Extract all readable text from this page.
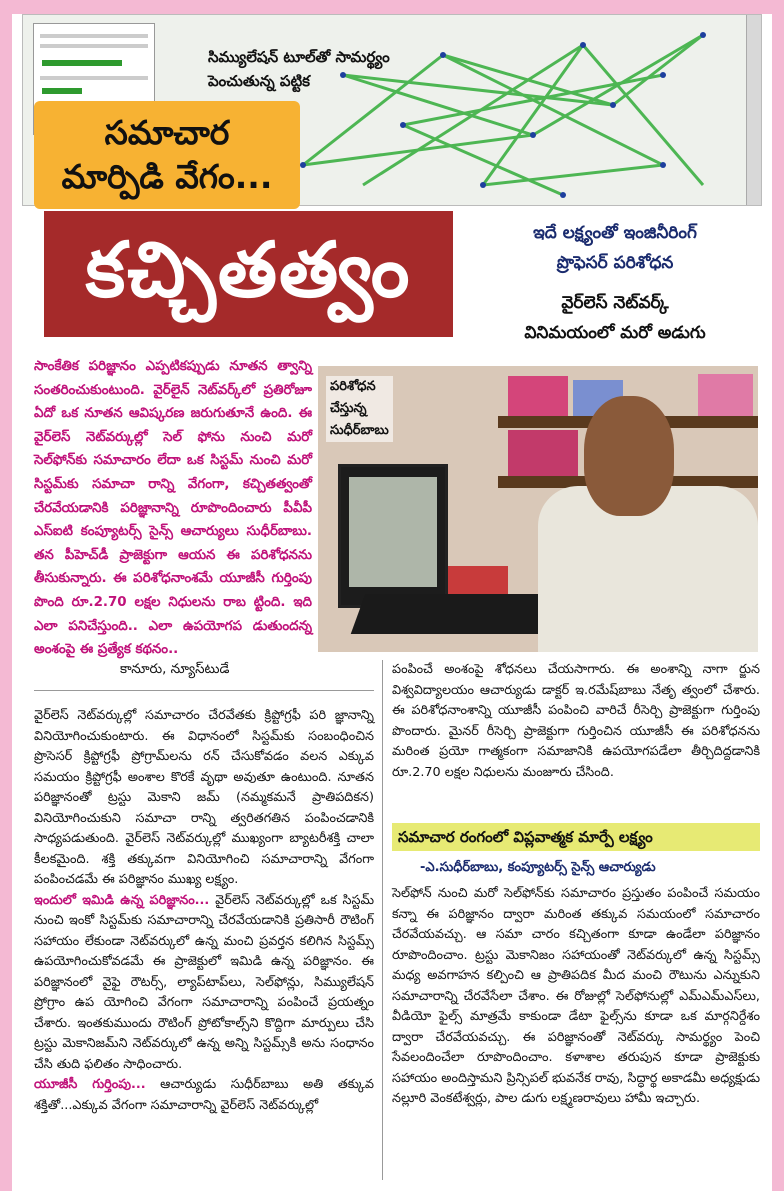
సిమ్యులేషన్ టూల్‌తో సామర్థ్యం
పెంచుతున్న పట్టిక
సమాచార
మార్పిడి వేగం...
కచ్చితత్వం	ఇదే లక్ష్యంతో ఇంజినీరింగ్
ప్రొఫెసర్ పరిశోధన
వైర్‌లెస్ నెట్‌వర్క్
వినిమయంలో మరో అడుగు
సాంకేతిక పరిజ్ఞానం ఎప్పటికప్పుడు నూతన త్వాన్ని సంతరించుకుంటుంది. వైర్‌లైన్ నెట్‌వర్క్‌లో ప్రతిరోజూ ఏదో ఒక నూతన ఆవిష్కరణ జరుగుతూనే ఉంది. ఈ వైర్‌లెస్ నెట్‌వర్కుల్లో సెల్ ఫోను నుంచి మరో సెల్‌ఫోన్‌కు సమాచారం లేదా ఒక సిస్టమ్ నుంచి మరో సిస్టమ్‌కు సమాచా రాన్ని వేగంగా, కచ్చితత్వంతో చేరవేయడానికి పరిజ్ఞానాన్ని రూపొందించారు పీవీపీ ఎస్ఐటి కంప్యూటర్స్ సైన్స్ ఆచార్యులు సుధీర్‌బాబు. తన పీహెచ్‌డీ ప్రాజెక్టుగా ఆయన ఈ పరిశోధనను తీసుకున్నారు. ఈ పరిశోధనాంశమే యూజీసీ గుర్తింపు పొంది రూ.2.70 లక్షల నిధులను రాబ ట్టింది. ఇది ఎలా పనిచేస్తుంది.. ఎలా ఉపయోగప డుతుందన్న అంశంపై ఈ ప్రత్యేక కథనం..
కానూరు, న్యూస్‌టుడే
పరిశోధన
చేస్తున్న
సుధీర్‌బాబు

వైర్‌లెస్ నెట్‌వర్కుల్లో సమాచారం చేరవేతకు క్రిప్టోగ్రఫీ పరి జ్ఞానాన్ని వినియోగించుకుంటారు. ఈ విధానంలో సిస్టమ్‌కు సంబంధించిన ప్రొసెసర్ క్రిప్టోగ్రఫీ ప్రోగ్రామ్‌లను రన్ చేసుకోవడం వలన ఎక్కువ సమయం క్రిప్టోగ్రఫీ అంశాల కొరకే వృథా అవుతూ ఉంటుంది. నూతన పరిజ్ఞానంతో ట్రస్టు మెకాని జమ్ (నమ్మకమనే ప్రాతిపదికన) వినియోగించుకుని సమాచా రాన్ని త్వరితగతిన పంపించడానికి సాధ్యపడుతుంది. వైర్‌లెస్ నెట్‌వర్కుల్లో ముఖ్యంగా బ్యాటరీశక్తి చాలా కీలకమైంది. శక్తి తక్కువగా వినియోగించి సమాచారాన్ని వేగంగా పంపించడమే ఈ పరిజ్ఞానం ముఖ్య లక్ష్యం.

ఇందులో ఇమిడి ఉన్న పరిజ్ఞానం... వైర్‌లెస్ నెట్‌వర్కుల్లో ఒక సిస్టమ్ నుంచి ఇంకో సిస్టమ్‌కు సమాచారాన్ని చేరవేయడానికి ప్రతిసారీ రౌటింగ్ సహాయం లేకుండా నెట్‌వర్కులో ఉన్న మంచి ప్రవర్తన కలిగిన సిస్టమ్స్ ఉపయోగించుకోవడమే ఈ ప్రాజెక్టులో ఇమిడి ఉన్న పరిజ్ఞానం. ఈ పరిజ్ఞానంలో వైఫై రౌటర్స్, ల్యాప్‌టాప్‌లు, సెల్‌ఫోన్లు, సిమ్యులేషన్ ప్రోగ్రాం ఉప యోగించి వేగంగా సమాచారాన్ని పంపించే ప్రయత్నం చేశారు. ఇంతకుముందు రౌటింగ్ ప్రోటోకాల్స్‌ని కొద్దిగా మార్పులు చేసి ట్రస్టు మెకానిజమ్‌ని నెట్‌వర్కులో ఉన్న అన్ని సిస్టమ్స్‌కి అను సంధానం చేసి తుది ఫలితం సాధించారు.

యూజీసీ గుర్తింపు... ఆచార్యుడు సుధీర్‌బాబు అతి తక్కువ శక్తితో...ఎక్కువ వేగంగా సమాచారాన్ని వైర్‌లెస్ నెట్‌వర్కుల్లో

పంపించే అంశంపై శోధనలు చేయసాగారు. ఈ అంశాన్ని నాగా ర్జున విశ్వవిద్యాలయం ఆచార్యుడు డాక్టర్ ఇ.రమేష్‌బాబు నేతృ త్వంలో చేశారు. ఈ పరిశోధనాంశాన్ని యూజీసీ పంపించి వారిచే రీసెర్చి ప్రాజెక్టుగా గుర్తింపు పొందారు. మైనర్ రీసెర్చి ప్రాజెక్టుగా గుర్తించిన యూజీసీ ఈ పరిశోధనను మరింత ప్రయో గాత్మకంగా సమాజానికి ఉపయోగపడేలా తీర్చిదిద్దడానికి రూ.2.70 లక్షల నిధులను మంజూరు చేసింది.

సమాచార రంగంలో విప్లవాత్మక మార్పే లక్ష్యం
-ఎ.సుధీర్‌బాబు, కంప్యూటర్స్ సైన్స్ ఆచార్యుడు

సెల్‌ఫోన్ నుంచి మరో సెల్‌ఫోన్‌కు సమాచారం ప్రస్తుతం పంపించే సమయం కన్నా ఈ పరిజ్ఞానం ద్వారా మరింత తక్కువ సమయంలో సమాచారం చేరవేయవచ్చు. ఆ సమా చారం కచ్చితంగా కూడా ఉండేలా పరిజ్ఞానం రూపొందించాం. ట్రస్టు మెకానిజం సహాయంతో నెట్‌వర్కులో ఉన్న సిస్టమ్స్ మధ్య అవగాహన కల్పించి ఆ ప్రాతిపదిక మీద మంచి రౌటును ఎన్నుకుని సమాచారాన్ని చేరవేసేలా చేశాం. ఈ రోజుల్లో సెల్‌ఫోనుల్లో ఎమ్ఎమ్ఎస్‌లు, వీడియో ఫైల్స్ మాత్రమే కాకుండా డేటా ఫైల్స్‌ను కూడా ఒక మార్గనిర్దేశం ద్వారా చేరవేయవచ్చు. ఈ పరిజ్ఞానంతో నెట్‌వర్కు సామర్థ్యం పెంచి సేవలందించేలా రూపొందించాం. కళాశాల తరుపున కూడా ప్రాజెక్టుకు సహాయం అందిస్తామని ప్రిన్సిపల్ భువనేక రావు, సిద్ధార్థ అకాడమీ అధ్యక్షుడు నల్లూరి వెంకటేశ్వర్లు, పాల డుగు లక్ష్మణరావులు హామీ ఇచ్చారు.
